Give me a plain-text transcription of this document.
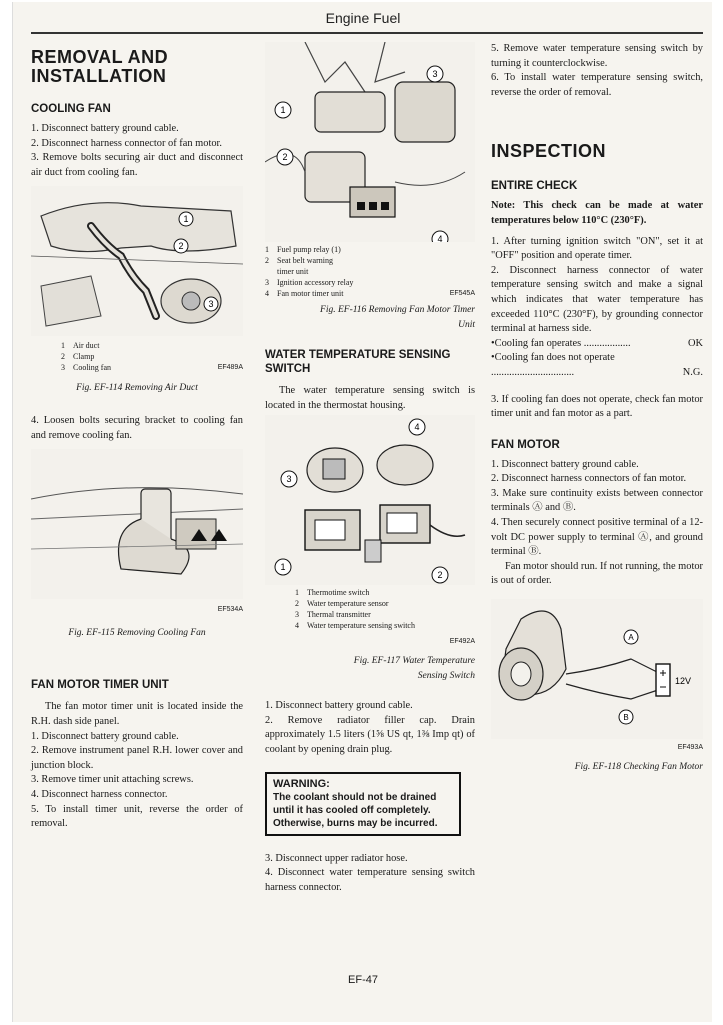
Engine Fuel
REMOVAL AND INSTALLATION
COOLING FAN
1. Disconnect battery ground cable.
2. Disconnect harness connector of fan motor.
3. Remove bolts securing air duct and disconnect air duct from cooling fan.
1
2
3
1	Air duct
2	Clamp
3	Cooling fan	EF489A
Fig. EF-114 Removing Air Duct
4. Loosen bolts securing bracket to cooling fan and remove cooling fan.
EF534A
Fig. EF-115 Removing Cooling Fan
FAN MOTOR TIMER UNIT
The fan motor timer unit is located inside the R.H. dash side panel.
1. Disconnect battery ground cable.
2. Remove instrument panel R.H. lower cover and junction block.
3. Remove timer unit attaching screws.
4. Disconnect harness connector.
5. To install timer unit, reverse the order of removal.
1
2
3
4
1	Fuel pump relay (1)
2	Seat belt warning timer unit
3	Ignition accessory relay
4	Fan motor timer unit	EF545A
Fig. EF-116 Removing Fan Motor Timer Unit
WATER TEMPERATURE SENSING SWITCH
The water temperature sensing switch is located in the thermostat housing.
3
4
1
2
1	Thermotime switch
2	Water temperature sensor
3	Thermal transmitter
4	Water temperature sensing switch
EF492A
Fig. EF-117 Water Temperature Sensing Switch
1. Disconnect battery ground cable.
2. Remove radiator filler cap. Drain approximately 1.5 liters (1⅝ US qt, 1⅜ Imp qt) of coolant by opening drain plug.
WARNING:
The coolant should not be drained until it has cooled off completely. Otherwise, burns may be incurred.
3. Disconnect upper radiator hose.
4. Disconnect water temperature sensing switch harness connector.
5. Remove water temperature sensing switch by turning it counterclockwise.
6. To install water temperature sensing switch, reverse the order of removal.
INSPECTION
ENTIRE CHECK
Note: This check can be made at water temperatures below 110°C (230°F).
1. After turning ignition switch "ON", set it at "OFF" position and operate timer.
2. Disconnect harness connector of water temperature sensing switch and make a signal which indicates that water temperature has exceeded 110°C (230°F), by grounding connector terminal at harness side.
• Cooling fan operates ..................	OK
• Cooling fan does not operate ................................	N.G.
3. If cooling fan does not operate, check fan motor timer unit and fan motor as a part.
FAN MOTOR
1. Disconnect battery ground cable.
2. Disconnect harness connectors of fan motor.
3. Make sure continuity exists between connector terminals Ⓐ and Ⓑ.
4. Then securely connect positive terminal of a 12-volt DC power supply to terminal Ⓐ, and ground terminal Ⓑ.
Fan motor should run. If not running, the motor is out of order.
A
B
12V
EF493A
Fig. EF-118 Checking Fan Motor
EF-47
